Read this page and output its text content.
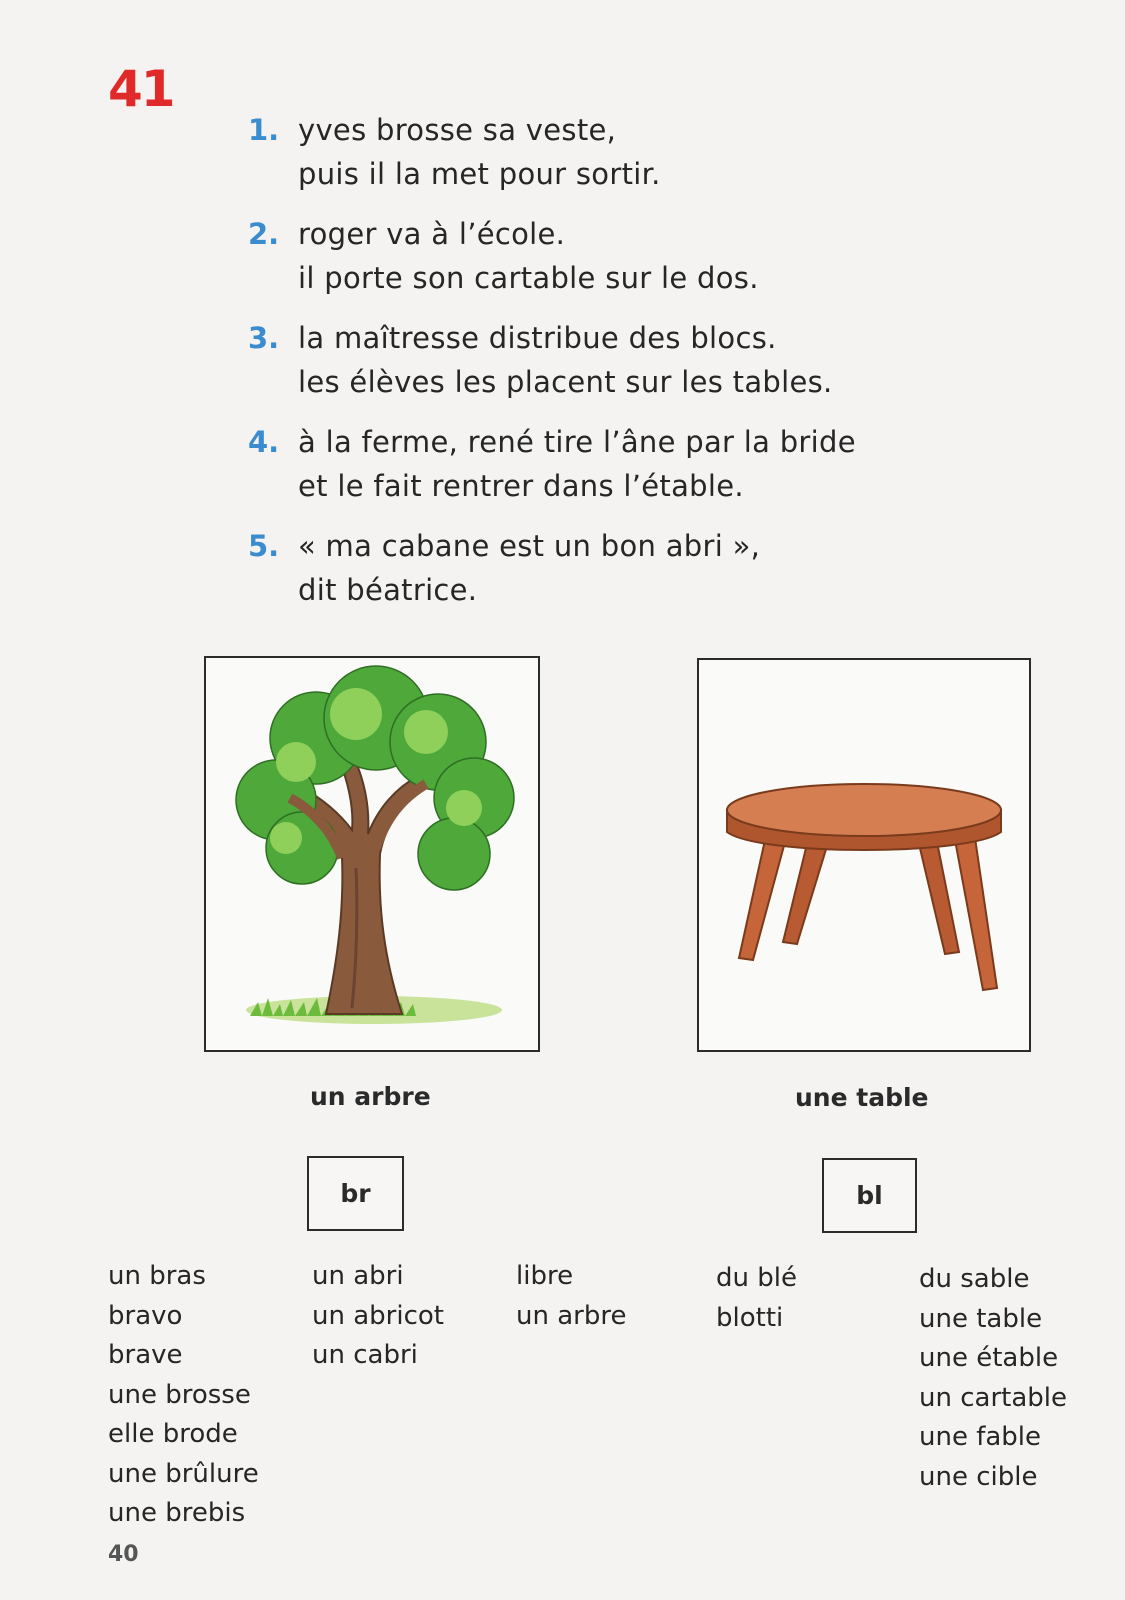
41
1. yves brosse sa veste,
puis il la met pour sortir.
2. roger va à l’école.
il porte son cartable sur le dos.
3. la maîtresse distribue des blocs.
les élèves les placent sur les tables.
4. à la ferme, rené tire l’âne par la bride
et le fait rentrer dans l’étable.
5. « ma cabane est un bon abri »,
dit béatrice.
un arbre	une table
br	bl
un bras
bravo
brave
une brosse
elle brode
une brûlure
une brebis
un abri
un abricot
un cabri
libre
un arbre
du blé
blotti
du sable
une table
une étable
un cartable
une fable
une cible
40
